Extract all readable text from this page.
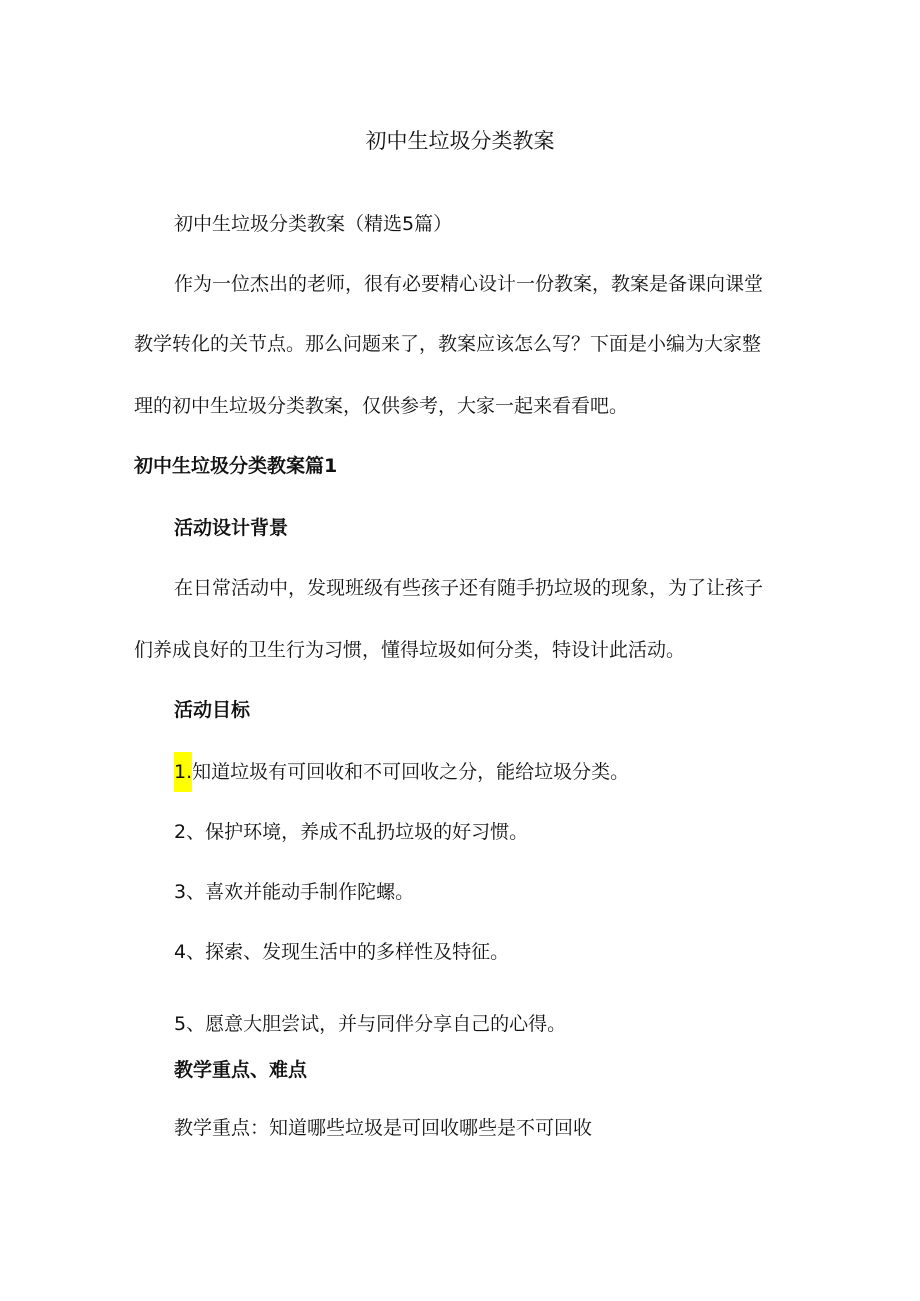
初中生垃圾分类教案
初中生垃圾分类教案（精选5篇）
作为一位杰出的老师，很有必要精心设计一份教案，教案是备课向课堂
教学转化的关节点。那么问题来了，教案应该怎么写？下面是小编为大家整
理的初中生垃圾分类教案，仅供参考，大家一起来看看吧。
初中生垃圾分类教案篇1
活动设计背景
在日常活动中，发现班级有些孩子还有随手扔垃圾的现象，为了让孩子
们养成良好的卫生行为习惯，懂得垃圾如何分类，特设计此活动。
活动目标
1.知道垃圾有可回收和不可回收之分，能给垃圾分类。
2、保护环境，养成不乱扔垃圾的好习惯。
3、喜欢并能动手制作陀螺。
4、探索、发现生活中的多样性及特征。
5、愿意大胆尝试，并与同伴分享自己的心得。
教学重点、难点
教学重点：知道哪些垃圾是可回收哪些是不可回收
